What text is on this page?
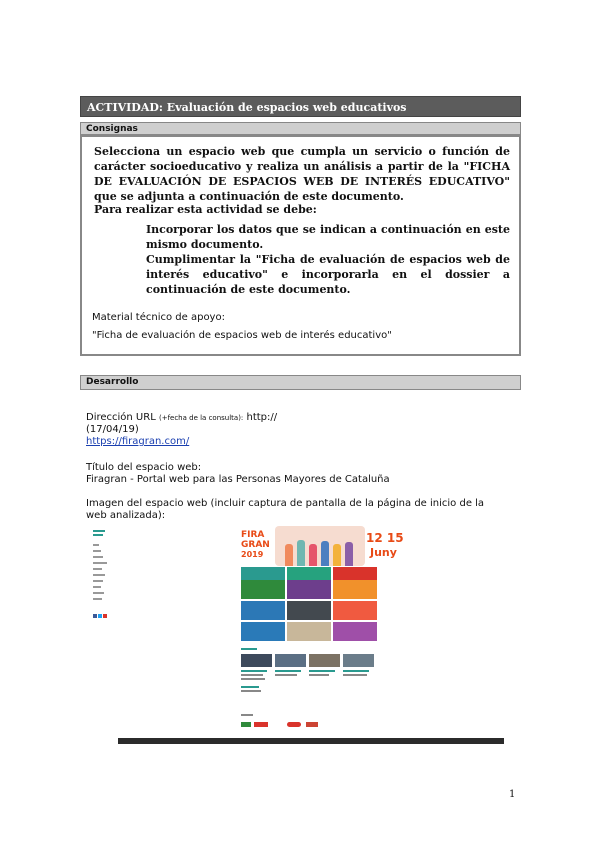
ACTIVIDAD: Evaluación de espacios web educativos
Consignas
Selecciona un espacio web que cumpla un servicio o función de carácter socioeducativo y realiza un análisis a partir de la "FICHA DE EVALUACIÓN DE ESPACIOS WEB DE INTERÉS EDUCATIVO" que se adjunta a continuación de este documento.
Para realizar esta actividad se debe:
Incorporar los datos que se indican a continuación en este mismo documento.
Cumplimentar la "Ficha de evaluación de espacios web de interés educativo" e incorporarla en el dossier a continuación de este documento.
Material técnico de apoyo:
"Ficha de evaluación de espacios web de interés educativo"
Desarrollo
Dirección URL (+fecha de la consulta): http://
(17/04/19)
https://firagran.com/
Título del espacio web:
Firagran - Portal web para las Personas Mayores de Cataluña
Imagen del espacio web (incluir captura de pantalla de la página de inicio de la web analizada):
FIRA
GRAN
2019
12 15
Juny
1
